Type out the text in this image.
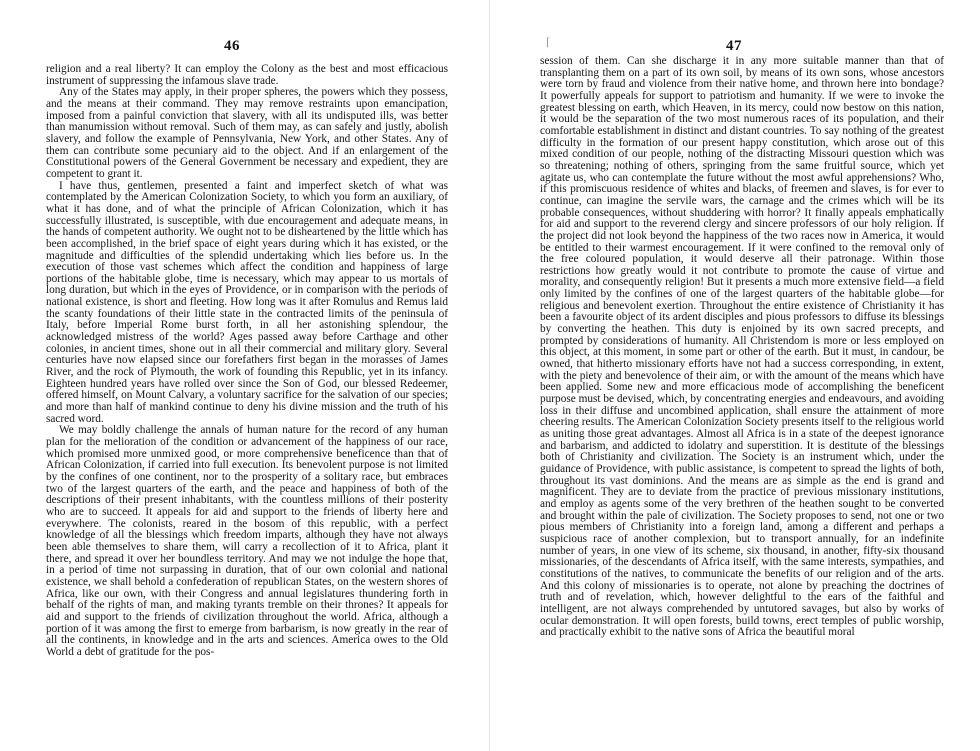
46

religion and a real liberty? It can employ the Colony as the best and most efficacious instrument of suppressing the infamous slave trade.

Any of the States may apply, in their proper spheres, the powers which they possess, and the means at their command. They may remove restraints upon emancipation, imposed from a painful conviction that slavery, with all its undisputed ills, was better than manumission without removal. Such of them may, as can safely and justly, abolish slavery, and follow the example of Pennsylvania, New York, and other States. Any of them can contribute some pecuniary aid to the object. And if an enlargement of the Constitutional powers of the General Government be necessary and expedient, they are competent to grant it.

I have thus, gentlemen, presented a faint and imperfect sketch of what was contemplated by the American Colonization Society, to which you form an auxiliary, of what it has done, and of what the principle of African Colonization, which it has successfully illustrated, is susceptible, with due encouragement and adequate means, in the hands of competent authority. We ought not to be disheartened by the little which has been accomplished, in the brief space of eight years during which it has existed, or the magnitude and difficulties of the splendid undertaking which lies before us. In the execution of those vast schemes which affect the condition and happiness of large portions of the habitable globe, time is necessary, which may appear to us mortals of long duration, but which in the eyes of Providence, or in comparison with the periods of national existence, is short and fleeting. How long was it after Romulus and Remus laid the scanty foundations of their little state in the contracted limits of the peninsula of Italy, before Imperial Rome burst forth, in all her astonishing splendour, the acknowledged mistress of the world? Ages passed away before Carthage and other colonies, in ancient times, shone out in all their commercial and military glory. Several centuries have now elapsed since our forefathers first began in the morasses of James River, and the rock of Plymouth, the work of founding this Republic, yet in its infancy. Eighteen hundred years have rolled over since the Son of God, our blessed Redeemer, offered himself, on Mount Calvary, a voluntary sacrifice for the salvation of our species; and more than half of mankind continue to deny his divine mission and the truth of his sacred word.

We may boldly challenge the annals of human nature for the record of any human plan for the melioration of the condition or advancement of the happiness of our race, which promised more unmixed good, or more comprehensive beneficence than that of African Colonization, if carried into full execution. Its benevolent purpose is not limited by the confines of one continent, nor to the prosperity of a solitary race, but embraces two of the largest quarters of the earth, and the peace and happiness of both of the descriptions of their present inhabitants, with the countless millions of their posterity who are to succeed. It appeals for aid and support to the friends of liberty here and everywhere. The colonists, reared in the bosom of this republic, with a perfect knowledge of all the blessings which freedom imparts, although they have not always been able themselves to share them, will carry a recollection of it to Africa, plant it there, and spread it over her boundless territory. And may we not indulge the hope that, in a period of time not surpassing in duration, that of our own colonial and national existence, we shall behold a confederation of republican States, on the western shores of Africa, like our own, with their Congress and annual legislatures thundering forth in behalf of the rights of man, and making tyrants tremble on their thrones? It appeals for aid and support to the friends of civilization throughout the world. Africa, although a portion of it was among the first to emerge from barbarism, is now greatly in the rear of all the continents, in knowledge and in the arts and sciences. America owes to the Old World a debt of gratitude for the pos-

⌈	47

session of them. Can she discharge it in any more suitable manner than that of transplanting them on a part of its own soil, by means of its own sons, whose ancestors were torn by fraud and violence from their native home, and thrown here into bondage? It powerfully appeals for support to patriotism and humanity. If we were to invoke the greatest blessing on earth, which Heaven, in its mercy, could now bestow on this nation, it would be the separation of the two most numerous races of its population, and their comfortable establishment in distinct and distant countries. To say nothing of the greatest difficulty in the formation of our present happy constitution, which arose out of this mixed condition of our people, nothing of the distracting Missouri question which was so threatening; nothing of others, springing from the same fruitful source, which yet agitate us, who can contemplate the future without the most awful apprehensions? Who, if this promiscuous residence of whites and blacks, of freemen and slaves, is for ever to continue, can imagine the servile wars, the carnage and the crimes which will be its probable consequences, without shuddering with horror? It finally appeals emphatically for aid and support to the reverend clergy and sincere professors of our holy religion. If the project did not look beyond the happiness of the two races now in America, it would be entitled to their warmest encouragement. If it were confined to the removal only of the free coloured population, it would deserve all their patronage. Within those restrictions how greatly would it not contribute to promote the cause of virtue and morality, and consequently religion! But it presents a much more extensive field—a field only limited by the confines of one of the largest quarters of the habitable globe—for religious and benevolent exertion. Throughout the entire existence of Christianity it has been a favourite object of its ardent disciples and pious professors to diffuse its blessings by converting the heathen. This duty is enjoined by its own sacred precepts, and prompted by considerations of humanity. All Christendom is more or less employed on this object, at this moment, in some part or other of the earth. But it must, in candour, be owned, that hitherto missionary efforts have not had a success corresponding, in extent, with the piety and benevolence of their aim, or with the amount of the means which have been applied. Some new and more efficacious mode of accomplishing the beneficent purpose must be devised, which, by concentrating energies and endeavours, and avoiding loss in their diffuse and uncombined application, shall ensure the attainment of more cheering results. The American Colonization Society presents itself to the religious world as uniting those great advantages. Almost all Africa is in a state of the deepest ignorance and barbarism, and addicted to idolatry and superstition. It is destitute of the blessings both of Christianity and civilization. The Society is an instrument which, under the guidance of Providence, with public assistance, is competent to spread the lights of both, throughout its vast dominions. And the means are as simple as the end is grand and magnificent. They are to deviate from the practice of previous missionary institutions, and employ as agents some of the very brethren of the heathen sought to be converted and brought within the pale of civilization. The Society proposes to send, not one or two pious members of Christianity into a foreign land, among a different and perhaps a suspicious race of another complexion, but to transport annually, for an indefinite number of years, in one view of its scheme, six thousand, in another, fifty-six thousand missionaries, of the descendants of Africa itself, with the same interests, sympathies, and constitutions of the natives, to communicate the benefits of our religion and of the arts. And this colony of missionaries is to operate, not alone by preaching the doctrines of truth and of revelation, which, however delightful to the ears of the faithful and intelligent, are not always comprehended by untutored savages, but also by works of ocular demonstration. It will open forests, build towns, erect temples of public worship, and practically exhibit to the native sons of Africa the beautiful moral
